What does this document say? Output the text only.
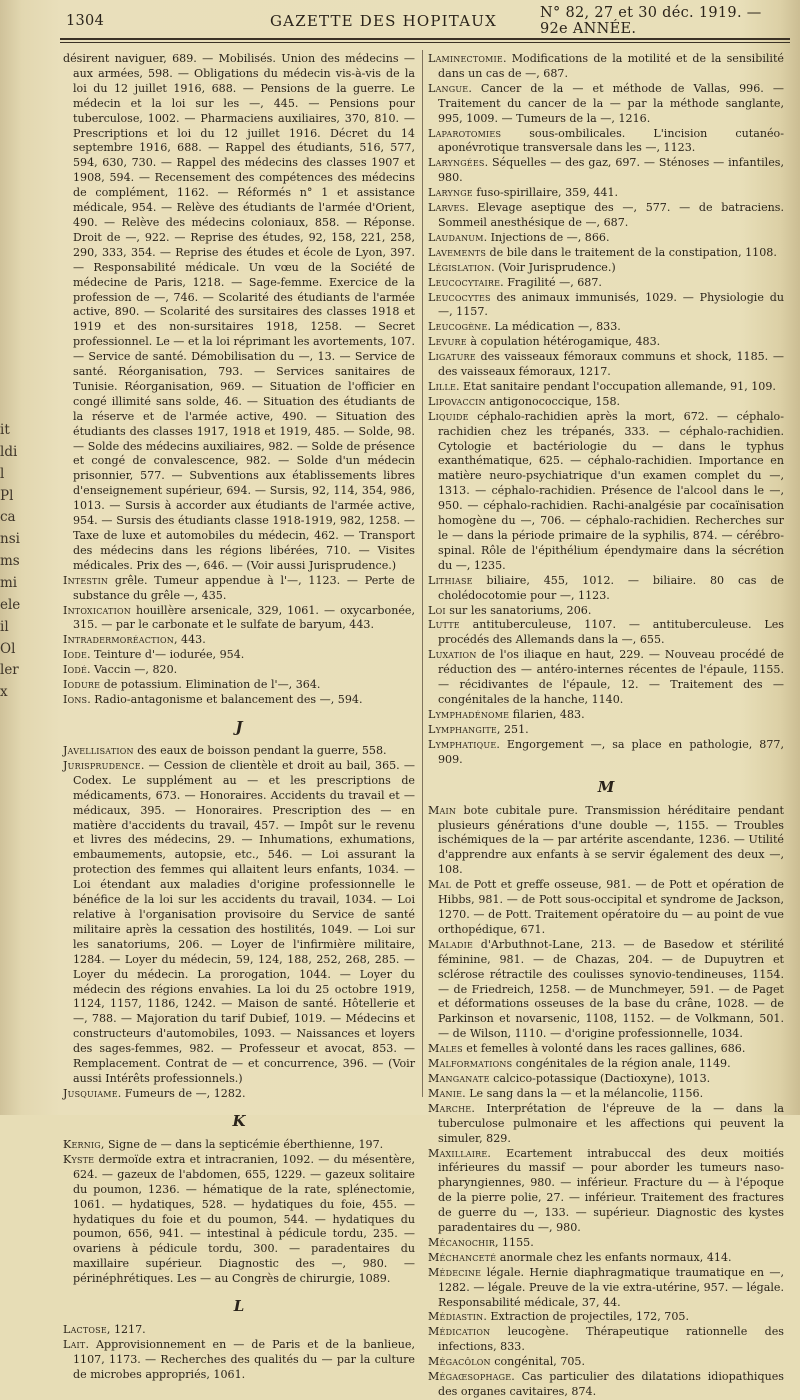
1304	GAZETTE DES HOPITAUX	N° 82, 27 et 30 déc. 1919. — 92e ANNÉE.
it
ldi
l
Pl
ca
nsi
ms
mi
ele
il
Ol
ler
x

désirent naviguer, 689. — Mobilisés. Union des médecins — aux armées, 598. — Obligations du médecin vis-à-vis de la loi du 12 juillet 1916, 688. — Pensions de la guerre. Le médecin et la loi sur les —, 445. — Pensions pour tuberculose, 1002. — Pharmaciens auxiliaires, 370, 810. — Prescriptions et loi du 12 juillet 1916. Décret du 14 septembre 1916, 688. — Rappel des étudiants, 516, 577, 594, 630, 730. — Rappel des médecins des classes 1907 et 1908, 594. — Recensement des compétences des médecins de complément, 1162. — Réformés n° 1 et assistance médicale, 954. — Relève des étudiants de l'armée d'Orient, 490. — Relève des médecins coloniaux, 858. — Réponse. Droit de —, 922. — Reprise des études, 92, 158, 221, 258, 290, 333, 354. — Reprise des études et école de Lyon, 397. — Responsabilité médicale. Un vœu de la Société de médecine de Paris, 1218. — Sage-femme. Exercice de la profession de —, 746. — Scolarité des étudiants de l'armée active, 890. — Scolarité des sursitaires des classes 1918 et 1919 et des non-sursitaires 1918, 1258. — Secret professionnel. Le — et la loi réprimant les avortements, 107. — Service de santé. Démobilisation du —, 13. — Service de santé. Réorganisation, 793. — Services sanitaires de Tunisie. Réorganisation, 969. — Situation de l'officier en congé illimité sans solde, 46. — Situation des étudiants de la réserve et de l'armée active, 490. — Situation des étudiants des classes 1917, 1918 et 1919, 485. — Solde, 98. — Solde des médecins auxiliaires, 982. — Solde de présence et congé de convalescence, 982. — Solde d'un médecin prisonnier, 577. — Subventions aux établissements libres d'enseignement supérieur, 694. — Sursis, 92, 114, 354, 986, 1013. — Sursis à accorder aux étudiants de l'armée active, 954. — Sursis des étudiants classe 1918-1919, 982, 1258. — Taxe de luxe et automobiles du médecin, 462. — Transport des médecins dans les régions libérées, 710. — Visites médicales. Prix des —, 646. — (Voir aussi Jurisprudence.)

Intestin grêle. Tumeur appendue à l'—, 1123. — Perte de substance du grêle —, 435.

Intoxication houillère arsenicale, 329, 1061. — oxycarbonée, 315. — par le carbonate et le sulfate de baryum, 443.

Intradermoréaction, 443.

Iode. Teinture d'— iodurée, 954.

Iodé. Vaccin —, 820.

Iodure de potassium. Elimination de l'—, 364.

Ions. Radio-antagonisme et balancement des —, 594.

J

Javellisation des eaux de boisson pendant la guerre, 558.

Jurisprudence. — Cession de clientèle et droit au bail, 365. — Codex. Le supplément au — et les prescriptions de médicaments, 673. — Honoraires. Accidents du travail et — médicaux, 395. — Honoraires. Prescription des — en matière d'accidents du travail, 457. — Impôt sur le revenu et livres des médecins, 29. — Inhumations, exhumations, embaumements, autopsie, etc., 546. — Loi assurant la protection des femmes qui allaitent leurs enfants, 1034. — Loi étendant aux maladies d'origine professionnelle le bénéfice de la loi sur les accidents du travail, 1034. — Loi relative à l'organisation provisoire du Service de santé militaire après la cessation des hostilités, 1049. — Loi sur les sanatoriums, 206. — Loyer de l'infirmière militaire, 1284. — Loyer du médecin, 59, 124, 188, 252, 268, 285. — Loyer du médecin. La prorogation, 1044. — Loyer du médecin des régions envahies. La loi du 25 octobre 1919, 1124, 1157, 1186, 1242. — Maison de santé. Hôtellerie et —, 788. — Majoration du tarif Dubief, 1019. — Médecins et constructeurs d'automobiles, 1093. — Naissances et loyers des sages-femmes, 982. — Professeur et avocat, 853. — Remplacement. Contrat de — et concurrence, 396. — (Voir aussi Intérêts professionnels.)

Jusquiame. Fumeurs de —, 1282.

K

Kernig, Signe de — dans la septicémie éberthienne, 197.

Kyste dermoïde extra et intracranien, 1092. — du mésentère, 624. — gazeux de l'abdomen, 655, 1229. — gazeux solitaire du poumon, 1236. — hématique de la rate, splénectomie, 1061. — hydatiques, 528. — hydatiques du foie, 455. — hydatiques du foie et du poumon, 544. — hydatiques du poumon, 656, 941. — intestinal à pédicule tordu, 235. — ovariens à pédicule tordu, 300. — paradentaires du maxillaire supérieur. Diagnostic des —, 980. — périnéphrétiques. Les — au Congrès de chirurgie, 1089.

L

Lactose, 1217.

Lait. Approvisionnement en — de Paris et de la banlieue, 1107, 1173. — Recherches des qualités du — par la culture de microbes appropriés, 1061.

Laminectomie. Modifications de la motilité et de la sensibilité dans un cas de —, 687.

Langue. Cancer de la — et méthode de Vallas, 996. — Traitement du cancer de la — par la méthode sanglante, 995, 1009. — Tumeurs de la —, 1216.

Laparotomies sous-ombilicales. L'incision cutanéo-aponévrotique transversale dans les —, 1123.

Laryngées. Séquelles — des gaz, 697. — Sténoses — infantiles, 980.

Larynge fuso-spirillaire, 359, 441.

Larves. Elevage aseptique des —, 577. — de batraciens. Sommeil anesthésique de —, 687.

Laudanum. Injections de —, 866.

Lavements de bile dans le traitement de la constipation, 1108.

Législation. (Voir Jurisprudence.)

Leucocytaire. Fragilité —, 687.

Leucocytes des animaux immunisés, 1029. — Physiologie du —, 1157.

Leucogène. La médication —, 833.

Levure à copulation hétérogamique, 483.

Ligature des vaisseaux fémoraux communs et shock, 1185. — des vaisseaux fémoraux, 1217.

Lille. Etat sanitaire pendant l'occupation allemande, 91, 109.

Lipovaccin antigonococcique, 158.

Liquide céphalo-rachidien après la mort, 672. — céphalo-rachidien chez les trépanés, 333. — céphalo-rachidien. Cytologie et bactériologie du — dans le typhus exanthématique, 625. — céphalo-rachidien. Importance en matière neuro-psychiatrique d'un examen complet du —, 1313. — céphalo-rachidien. Présence de l'alcool dans le —, 950. — céphalo-rachidien. Rachi-analgésie par cocaïnisation homogène du —, 706. — céphalo-rachidien. Recherches sur le — dans la période primaire de la syphilis, 874. — cérébro-spinal. Rôle de l'épithélium épendymaire dans la sécrétion du —, 1235.

Lithiase biliaire, 455, 1012. — biliaire. 80 cas de cholédocotomie pour —, 1123.

Loi sur les sanatoriums, 206.

Lutte antituberculeuse, 1107. — antituberculeuse. Les procédés des Allemands dans la —, 655.

Luxation de l'os iliaque en haut, 229. — Nouveau procédé de réduction des — antéro-internes récentes de l'épaule, 1155. — récidivantes de l'épaule, 12. — Traitement des — congénitales de la hanche, 1140.

Lymphadénome filarien, 483.

Lymphangite, 251.

Lymphatique. Engorgement —, sa place en pathologie, 877, 909.

M

Main bote cubitale pure. Transmission héréditaire pendant plusieurs générations d'une double —, 1155. — Troubles ischémiques de la — par artérite ascendante, 1236. — Utilité d'apprendre aux enfants à se servir également des deux —, 108.

Mal de Pott et greffe osseuse, 981. — de Pott et opération de Hibbs, 981. — de Pott sous-occipital et syndrome de Jackson, 1270. — de Pott. Traitement opératoire du — au point de vue orthopédique, 671.

Maladie d'Arbuthnot-Lane, 213. — de Basedow et stérilité féminine, 981. — de Chazas, 204. — de Dupuytren et sclérose rétractile des coulisses synovio-tendineuses, 1154. — de Friedreich, 1258. — de Munchmeyer, 591. — de Paget et déformations osseuses de la base du crâne, 1028. — de Parkinson et novarsenic, 1108, 1152. — de Volkmann, 501. — de Wilson, 1110. — d'origine professionnelle, 1034.

Males et femelles à volonté dans les races gallines, 686.

Malformations congénitales de la région anale, 1149.

Manganate calcico-potassique (Dactioxyne), 1013.

Manie. Le sang dans la — et la mélancolie, 1156.

Marche. Interprétation de l'épreuve de la — dans la tuberculose pulmonaire et les affections qui peuvent la simuler, 829.

Maxillaire. Ecartement intrabuccal des deux moitiés inférieures du massif — pour aborder les tumeurs naso-pharyngiennes, 980. — inférieur. Fracture du — à l'époque de la pierre polie, 27. — inférieur. Traitement des fractures de guerre du —, 133. — supérieur. Diagnostic des kystes paradentaires du —, 980.

Mécanochir, 1155.

Méchanceté anormale chez les enfants normaux, 414.

Médecine légale. Hernie diaphragmatique traumatique en —, 1282. — légale. Preuve de la vie extra-utérine, 957. — légale. Responsabilité médicale, 37, 44.

Médiastin. Extraction de projectiles, 172, 705.

Médication leucogène. Thérapeutique rationnelle des infections, 833.

Mégacôlon congénital, 705.

Mégaœsophage. Cas particulier des dilatations idiopathiques des organes cavitaires, 874.
